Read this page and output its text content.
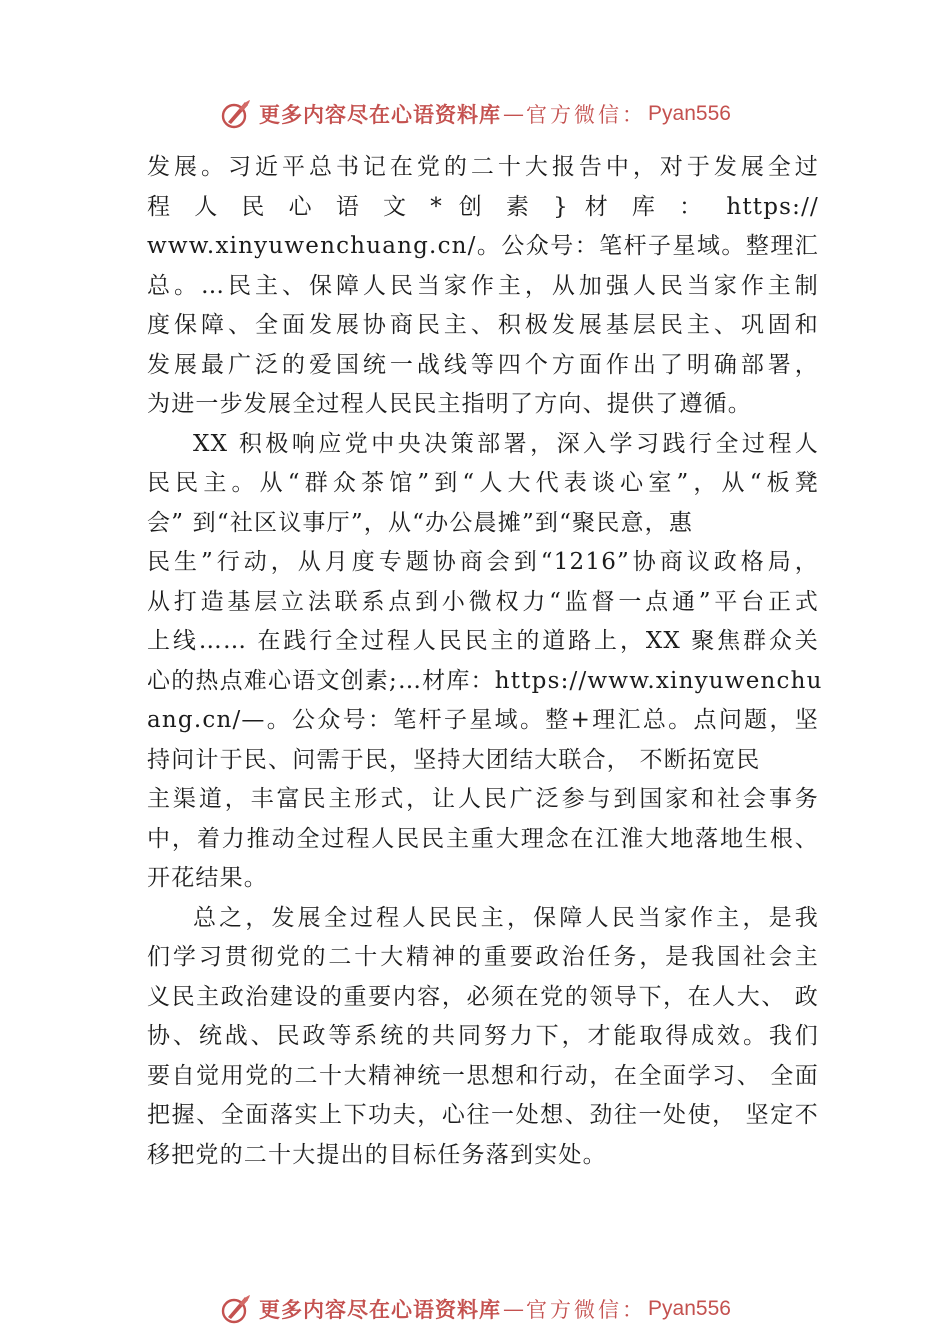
更多内容尽在心语资料库 — 官方微信： Pyan556

发展。习近平总书记在党的二十大报告中，对于发展全过

程 人 民 心 语 文 * 创 素 } 材 库 ： https://

www.xinyuwenchuang.cn/。公众号：笔杆子星域。整理汇

总。…民主、保障人民当家作主，从加强人民当家作主制

度保障、全面发展协商民主、积极发展基层民主、巩固和

发展最广泛的爱国统一战线等四个方面作出了明确部署，

为进一步发展全过程人民民主指明了方向、提供了遵循。

XX 积极响应党中央决策部署，深入学习践行全过程人

民民主。从“群众茶馆”到“人大代表谈心室”，从“板凳

会” 到“社区议事厅”，从“办公晨摊”到“聚民意，惠

民生”行动，从月度专题协商会到“1216”协商议政格局，

从打造基层立法联系点到小微权力“监督一点通”平台正式

上线…… 在践行全过程人民民主的道路上，XX 聚焦群众关

心的热点难心语文创素;…材库：https://www.xinyuwenchu

ang.cn/—。公众号：笔杆子星域。整+理汇总。点问题，坚

持问计于民、问需于民，坚持大团结大联合， 不断拓宽民

主渠道，丰富民主形式，让人民广泛参与到国家和社会事务

中，着力推动全过程人民民主重大理念在江淮大地落地生根、

开花结果。

总之，发展全过程人民民主，保障人民当家作主，是我

们学习贯彻党的二十大精神的重要政治任务，是我国社会主

义民主政治建设的重要内容，必须在党的领导下，在人大、 政

协、统战、民政等系统的共同努力下，才能取得成效。我们

要自觉用党的二十大精神统一思想和行动，在全面学习、 全面

把握、全面落实上下功夫，心往一处想、劲往一处使， 坚定不

移把党的二十大提出的目标任务落到实处。

更多内容尽在心语资料库 — 官方微信： Pyan556
